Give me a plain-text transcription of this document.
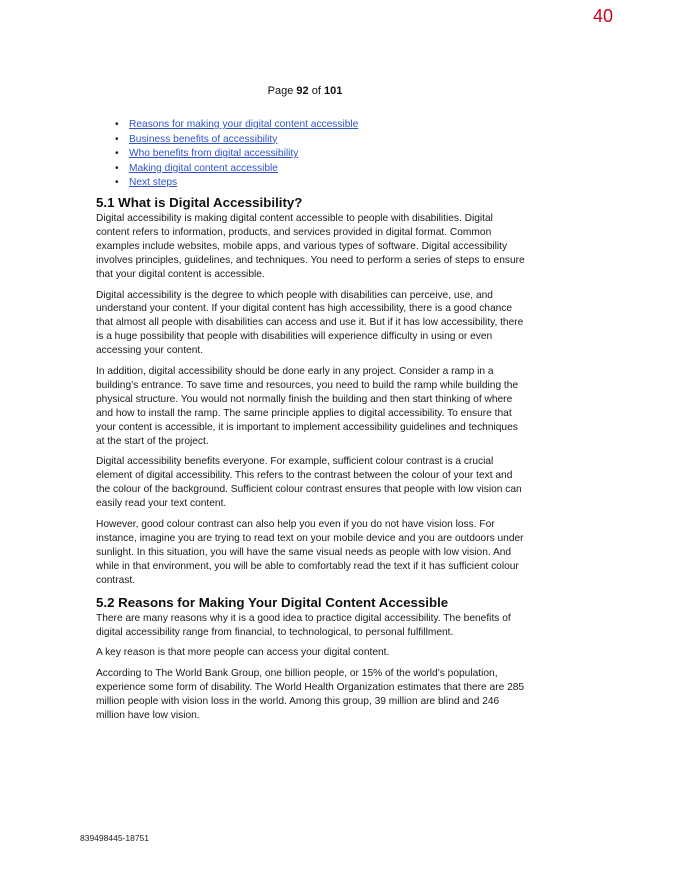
40
Page 92 of 101
• Reasons for making your digital content accessible
• Business benefits of accessibility
• Who benefits from digital accessibility
• Making digital content accessible
• Next steps
5.1 What is Digital Accessibility?

Digital accessibility is making digital content accessible to people with disabilities. Digital content refers to information, products, and services provided in digital format. Common examples include websites, mobile apps, and various types of software. Digital accessibility involves principles, guidelines, and techniques. You need to perform a series of steps to ensure that your digital content is accessible.

Digital accessibility is the degree to which people with disabilities can perceive, use, and understand your content. If your digital content has high accessibility, there is a good chance that almost all people with disabilities can access and use it. But if it has low accessibility, there is a huge possibility that people with disabilities will experience difficulty in using or even accessing your content.

In addition, digital accessibility should be done early in any project. Consider a ramp in a building’s entrance. To save time and resources, you need to build the ramp while building the physical structure. You would not normally finish the building and then start thinking of where and how to install the ramp. The same principle applies to digital accessibility. To ensure that your content is accessible, it is important to implement accessibility guidelines and techniques at the start of the project.

Digital accessibility benefits everyone. For example, sufficient colour contrast is a crucial element of digital accessibility. This refers to the contrast between the colour of your text and the colour of the background. Sufficient colour contrast ensures that people with low vision can easily read your text content.

However, good colour contrast can also help you even if you do not have vision loss. For instance, imagine you are trying to read text on your mobile device and you are outdoors under sunlight. In this situation, you will have the same visual needs as people with low vision. And while in that environment, you will be able to comfortably read the text if it has sufficient colour contrast.

5.2 Reasons for Making Your Digital Content Accessible

There are many reasons why it is a good idea to practice digital accessibility. The benefits of digital accessibility range from financial, to technological, to personal fulfillment.

A key reason is that more people can access your digital content.

According to The World Bank Group, one billion people, or 15% of the world’s population, experience some form of disability. The World Health Organization estimates that there are 285 million people with vision loss in the world. Among this group, 39 million are blind and 246 million have low vision.

839498445-18751
